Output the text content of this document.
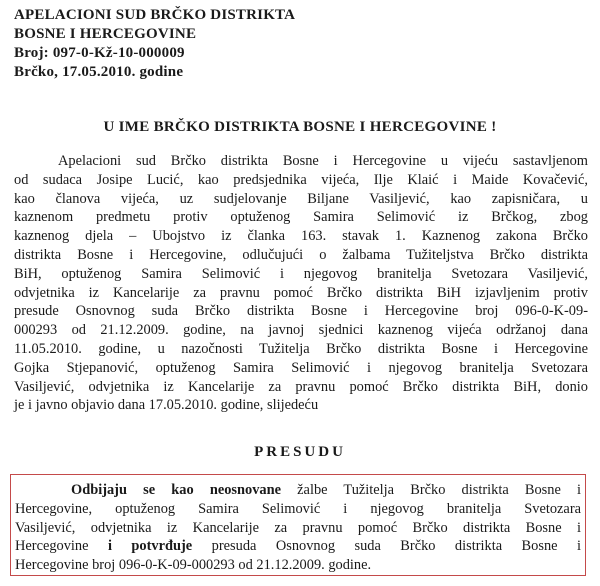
APELACIONI SUD BRČKO DISTRIKTA
BOSNE I HERCEGOVINE
Broj: 097-0-Kž-10-000009
Brčko, 17.05.2010. godine
U IME BRČKO DISTRIKTA BOSNE I HERCEGOVINE !
Apelacioni sud Brčko distrikta Bosne i Hercegovine u vijeću sastavljenom
od sudaca Josipe Lucić, kao predsjednika vijeća, Ilje Klaić i Maide Kovačević,
kao članova vijeća, uz sudjelovanje Biljane Vasiljević, kao zapisničara, u
kaznenom predmetu protiv optuženog Samira Selimović iz Brčkog, zbog
kaznenog djela – Ubojstvo iz članka 163. stavak 1. Kaznenog zakona Brčko
distrikta Bosne i Hercegovine, odlučujući o žalbama Tužiteljstva Brčko distrikta
BiH, optuženog Samira Selimović i njegovog branitelja Svetozara Vasiljević,
odvjetnika iz Kancelarije za pravnu pomoć Brčko distrikta BiH izjavljenim protiv
presude Osnovnog suda Brčko distrikta Bosne i Hercegovine broj 096-0-K-09-
000293 od 21.12.2009. godine, na javnoj sjednici kaznenog vijeća održanoj dana
11.05.2010. godine, u nazočnosti Tužitelja Brčko distrikta Bosne i Hercegovine
Gojka Stjepanović, optuženog Samira Selimović i njegovog branitelja Svetozara
Vasiljević, odvjetnika iz Kancelarije za pravnu pomoć Brčko distrikta BiH, donio
je i javno objavio dana 17.05.2010. godine, slijedeću
PRESUDU
Odbijaju se kao neosnovane žalbe Tužitelja Brčko distrikta Bosne i
Hercegovine, optuženog Samira Selimović i njegovog branitelja Svetozara
Vasiljević, odvjetnika iz Kancelarije za pravnu pomoć Brčko distrikta Bosne i
Hercegovine i potvrđuje presuda Osnovnog suda Brčko distrikta Bosne i
Hercegovine broj 096-0-K-09-000293 od 21.12.2009. godine.
